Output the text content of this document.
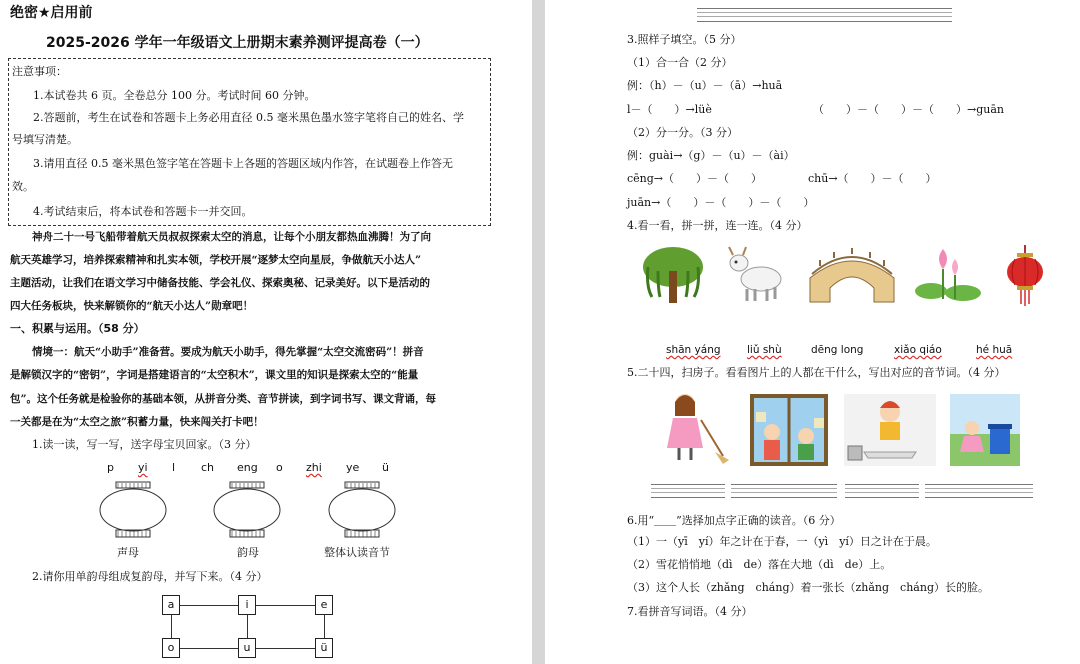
绝密★启用前
2025-2026 学年一年级语文上册期末素养测评提高卷（一）
注意事项：
1.本试卷共 6 页。全卷总分 100 分。考试时间 60 分钟。
2.答题前，考生在试卷和答题卡上务必用直径 0.5 毫米黑色墨水签字笔将自己的姓名、学
号填写清楚。
3.请用直径 0.5 毫米黑色签字笔在答题卡上各题的答题区域内作答，在试题卷上作答无
效。
4.考试结束后，将本试卷和答题卡一并交回。
神舟二十一号飞船带着航天员叔叔探索太空的消息，让每个小朋友都热血沸腾！为了向
航天英雄学习，培养探索精神和扎实本领，学校开展“逐梦太空向星辰，争做航天小达人”
主题活动，让我们在语文学习中储备技能、学会礼仪、探索奥秘、记录美好。以下是活动的
四大任务板块，快来解锁你的“航天小达人”勋章吧！
一、积累与运用。（58 分）
情境一：航天“小助手”准备营。要成为航天小助手，得先掌握“太空交流密码”！拼音
是解锁汉字的“密钥”，字词是搭建语言的“太空积木”，课文里的知识是探索太空的“能量
包”。这个任务就是检验你的基础本领，从拼音分类、音节拼读，到字词书写、课文背诵，每
一关都是在为“太空之旅”积蓄力量，快来闯关打卡吧！
1.读一读，写一写，送字母宝贝回家。（3 分）
p yi l ch eng o zhi ye ü
声母	韵母	整体认读音节
2.请你用单韵母组成复韵母，并写下来。（4 分）
a	i	e
o	u	ü
3.照样子填空。（5 分）
（1）合一合（2 分）
例：（h）－（u）－（ā）→huā
l－（　　）→lüè	（　　）－（　　）－（　　）→guān
（2）分一分。（3 分）
例：guài→（g）－（u）－（ài）
cēng→（　　）－（　　）	chū→（　　）－（　　）
juān→（　　）－（　　）－（　　）
4.看一看，拼一拼，连一连。（4 分）
shān yáng	liǔ shù	dēng long	xiǎo qiáo	hé huā
5.二十四，扫房子。看看图片上的人都在干什么，写出对应的音节词。（4 分）
6.用“＿＿”选择加点字正确的读音。（6 分）
（1）一（yī　yí）年之计在于春，一（yì　yí）日之计在于晨。
（2）雪花悄悄地（dì　de）落在大地（dì　de）上。
（3）这个人长（zhǎng　cháng）着一张长（zhǎng　cháng）长的脸。
7.看拼音写词语。（4 分）
